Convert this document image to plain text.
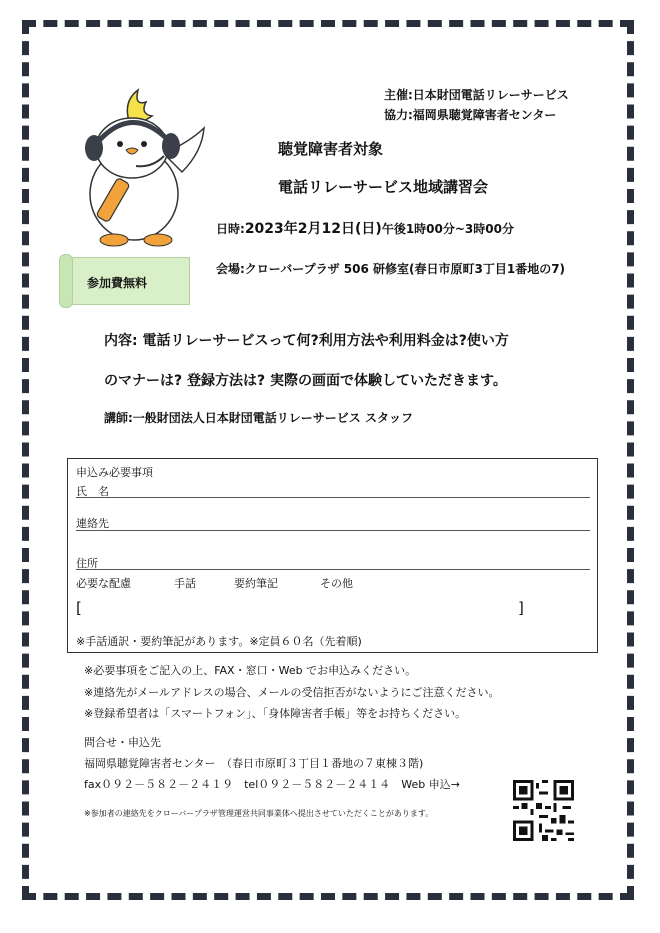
主催:日本財団電話リレーサービス
協力:福岡県聴覚障害者センター
聴覚障害者対象
電話リレーサービス地域講習会
日時:2023年2月12日(日)午後1時00分~3時00分
会場:クローバープラザ 506 研修室(春日市原町3丁目1番地の7)
参加費無料
内容: 電話リレーサービスって何?利用方法や利用料金は?使い方
のマナーは? 登録方法は? 実際の画面で体験していただきます。
講師:一般財団法人日本財団電話リレーサービス スタッフ
申込み必要事項
氏　名
連絡先
住所
必要な配慮	手話	要約筆記	その他
[	]
※手話通訳・要約筆記があります。※定員６０名（先着順)
※必要事項をご記入の上、FAX・窓口・Web でお申込みください。
※連絡先がメールアドレスの場合、メールの受信拒否がないようにご注意ください。
※登録希望者は「スマートフォン」、「身体障害者手帳」等をお持ちください。
問合せ・申込先
福岡県聴覚障害者センター　（春日市原町３丁目１番地の７東棟３階)
fax０９２－５８２－２４１９　tel０９２－５８２－２４１４　Web 申込→
※参加者の連絡先をクローバープラザ管理運営共同事業体へ提出させていただくことがあります。
